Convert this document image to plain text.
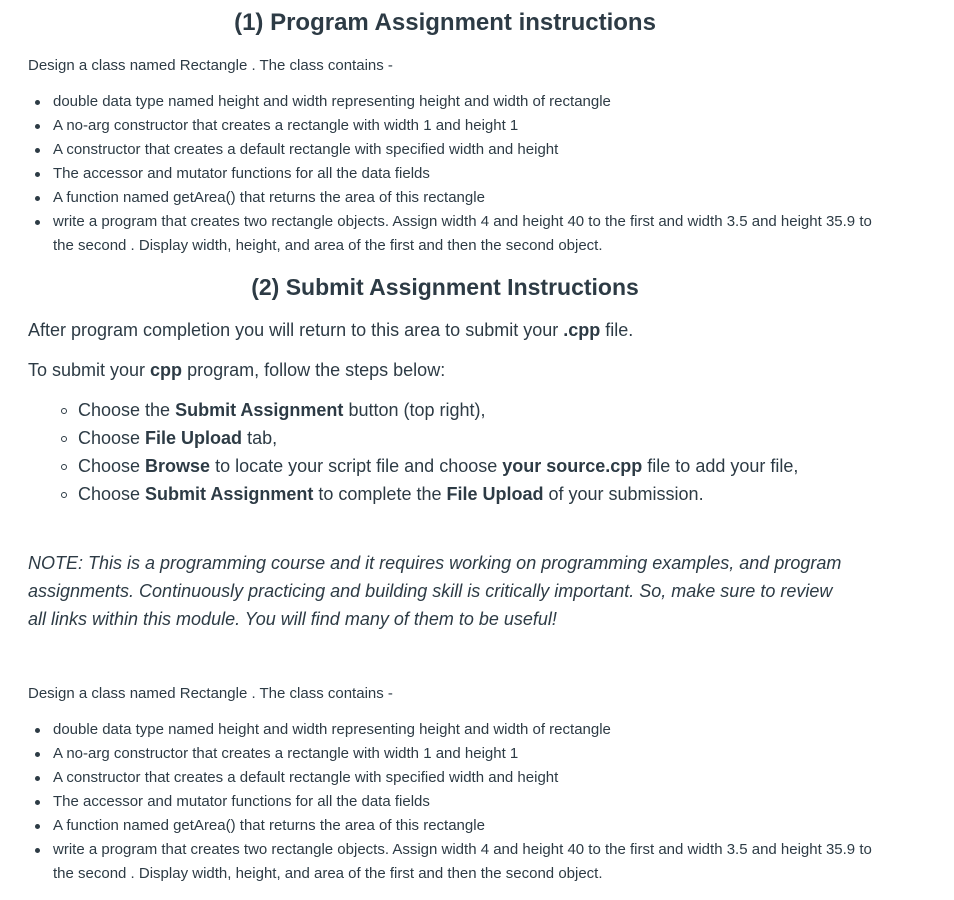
(1) Program Assignment instructions

Design a class named Rectangle . The class contains -

double data type named height and width representing height and width of rectangle
A no-arg constructor that creates a rectangle with width 1 and height 1
A constructor that creates a default rectangle with specified width and height
The accessor and mutator functions for all the data fields
A function named getArea() that returns the area of this rectangle
write a program that creates two rectangle objects. Assign width 4 and height 40 to the first and width 3.5 and height 35.9 to the second . Display width, height, and area of the first and then the second object.
(2) Submit Assignment Instructions

After program completion you will return to this area to submit your .cpp file.

To submit your cpp program, follow the steps below:

Choose the Submit Assignment button (top right),
Choose File Upload tab,
Choose Browse to locate your script file and choose your source.cpp file to add your file,
Choose Submit Assignment to complete the File Upload of your submission.

NOTE: This is a programming course and it requires working on programming examples, and program assignments. Continuously practicing and building skill is critically important. So, make sure to review all links within this module. You will find many of them to be useful!

Design a class named Rectangle . The class contains -

double data type named height and width representing height and width of rectangle
A no-arg constructor that creates a rectangle with width 1 and height 1
A constructor that creates a default rectangle with specified width and height
The accessor and mutator functions for all the data fields
A function named getArea() that returns the area of this rectangle
write a program that creates two rectangle objects. Assign width 4 and height 40 to the first and width 3.5 and height 35.9 to the second . Display width, height, and area of the first and then the second object.
